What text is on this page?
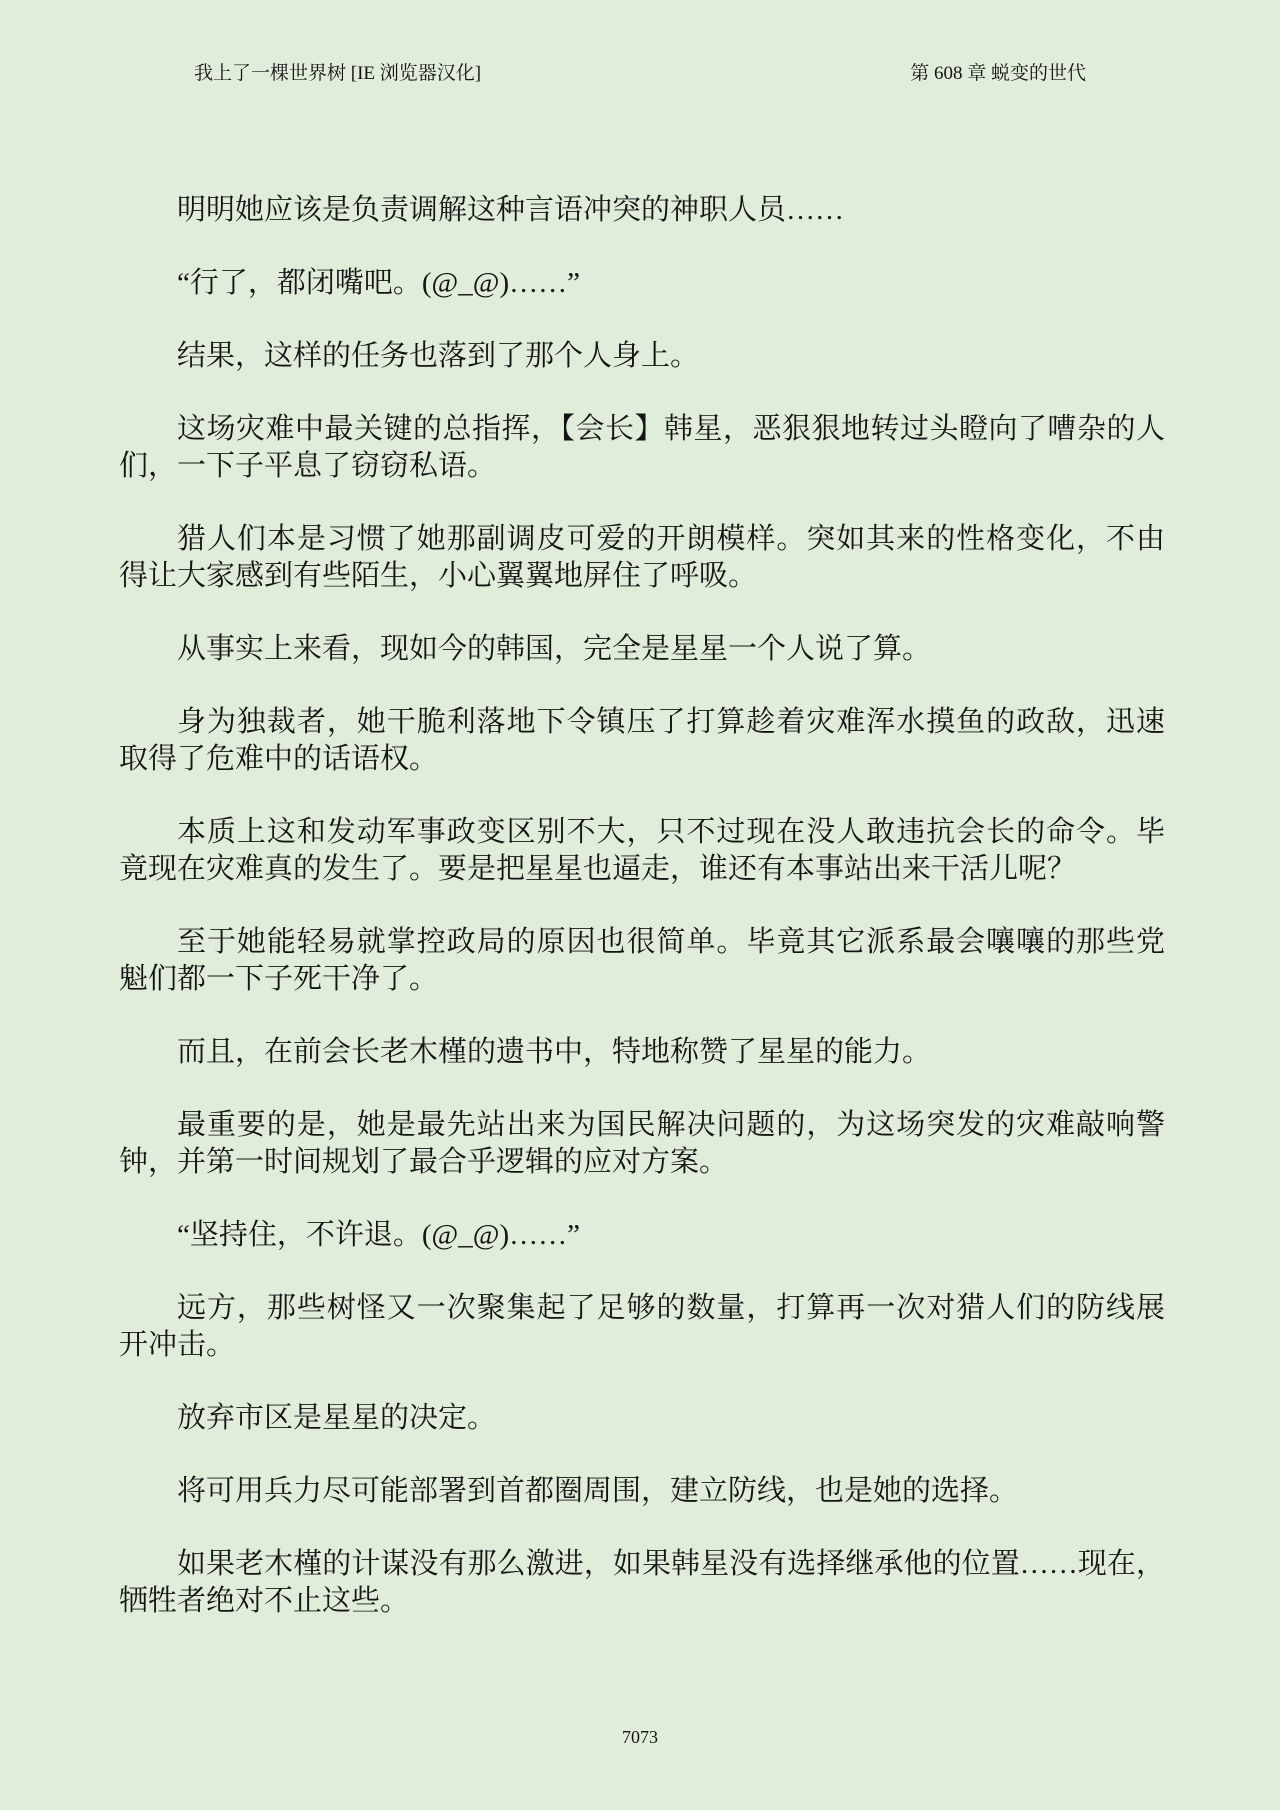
我上了一棵世界树 [IE 浏览器汉化]	第 608 章 蜕变的世代
明明她应该是负责调解这种言语冲突的神职人员……
“行了，都闭嘴吧。(@_@)……”
结果，这样的任务也落到了那个人身上。
这场灾难中最关键的总指挥，【会长】韩星，恶狠狠地转过头瞪向了嘈杂的人
们，一下子平息了窃窃私语。
猎人们本是习惯了她那副调皮可爱的开朗模样。突如其来的性格变化，不由
得让大家感到有些陌生，小心翼翼地屏住了呼吸。
从事实上来看，现如今的韩国，完全是星星一个人说了算。
身为独裁者，她干脆利落地下令镇压了打算趁着灾难浑水摸鱼的政敌，迅速
取得了危难中的话语权。
本质上这和发动军事政变区别不大，只不过现在没人敢违抗会长的命令。毕
竟现在灾难真的发生了。要是把星星也逼走，谁还有本事站出来干活儿呢？
至于她能轻易就掌控政局的原因也很简单。毕竟其它派系最会嚷嚷的那些党
魁们都一下子死干净了。
而且，在前会长老木槿的遗书中，特地称赞了星星的能力。
最重要的是，她是最先站出来为国民解决问题的，为这场突发的灾难敲响警
钟，并第一时间规划了最合乎逻辑的应对方案。
“坚持住，不许退。(@_@)……”
远方，那些树怪又一次聚集起了足够的数量，打算再一次对猎人们的防线展
开冲击。
放弃市区是星星的决定。
将可用兵力尽可能部署到首都圈周围，建立防线，也是她的选择。
如果老木槿的计谋没有那么激进，如果韩星没有选择继承他的位置……现在，
牺牲者绝对不止这些。
7073
